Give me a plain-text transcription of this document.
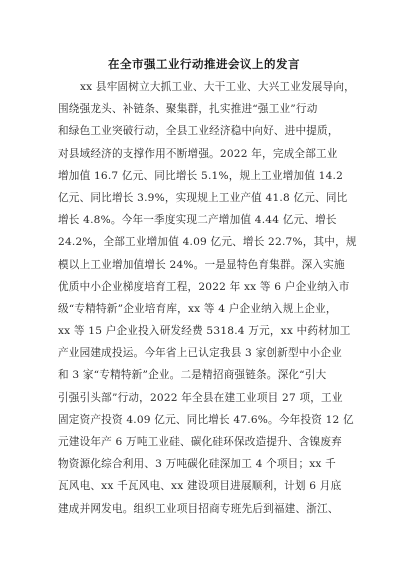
在全市强工业行动推进会议上的发言
xx 县牢固树立大抓工业、大干工业、大兴工业发展导向，
围绕强龙头、补链条、聚集群，扎实推进“强工业”行动
和绿色工业突破行动，全县工业经济稳中向好、进中提质，
对县域经济的支撑作用不断增强。2022 年，完成全部工业
增加值 16.7 亿元、同比增长 5.1%，规上工业增加值 14.2
亿元、同比增长 3.9%，实现规上工业产值 41.8 亿元、同比
增长 4.8%。今年一季度实现二产增加值 4.44 亿元、增长
24.2%，全部工业增加值 4.09 亿元、增长 22.7%，其中，规
模以上工业增加值增长 24%。一是显特色育集群。深入实施
优质中小企业梯度培育工程，2022 年 xx 等 6 户企业纳入市
级“专精特新”企业培育库，xx 等 4 户企业纳入规上企业，
xx 等 15 户企业投入研发经费 5318.4 万元，xx 中药材加工
产业园建成投运。今年省上已认定我县 3 家创新型中小企业
和 3 家“专精特新”企业。二是精招商强链条。深化“引大
引强引头部”行动，2022 年全县在建工业项目 27 项，工业
固定资产投资 4.09 亿元、同比增长 47.6%。今年投资 12 亿
元建设年产 6 万吨工业硅、碳化硅环保改造提升、含镍废弃
物资源化综合利用、3 万吨碳化硅深加工 4 个项目；xx 千
瓦风电、xx 千瓦风电、xx 建设项目进展顺利，计划 6 月底
建成并网发电。组织工业项目招商专班先后到福建、浙江、
